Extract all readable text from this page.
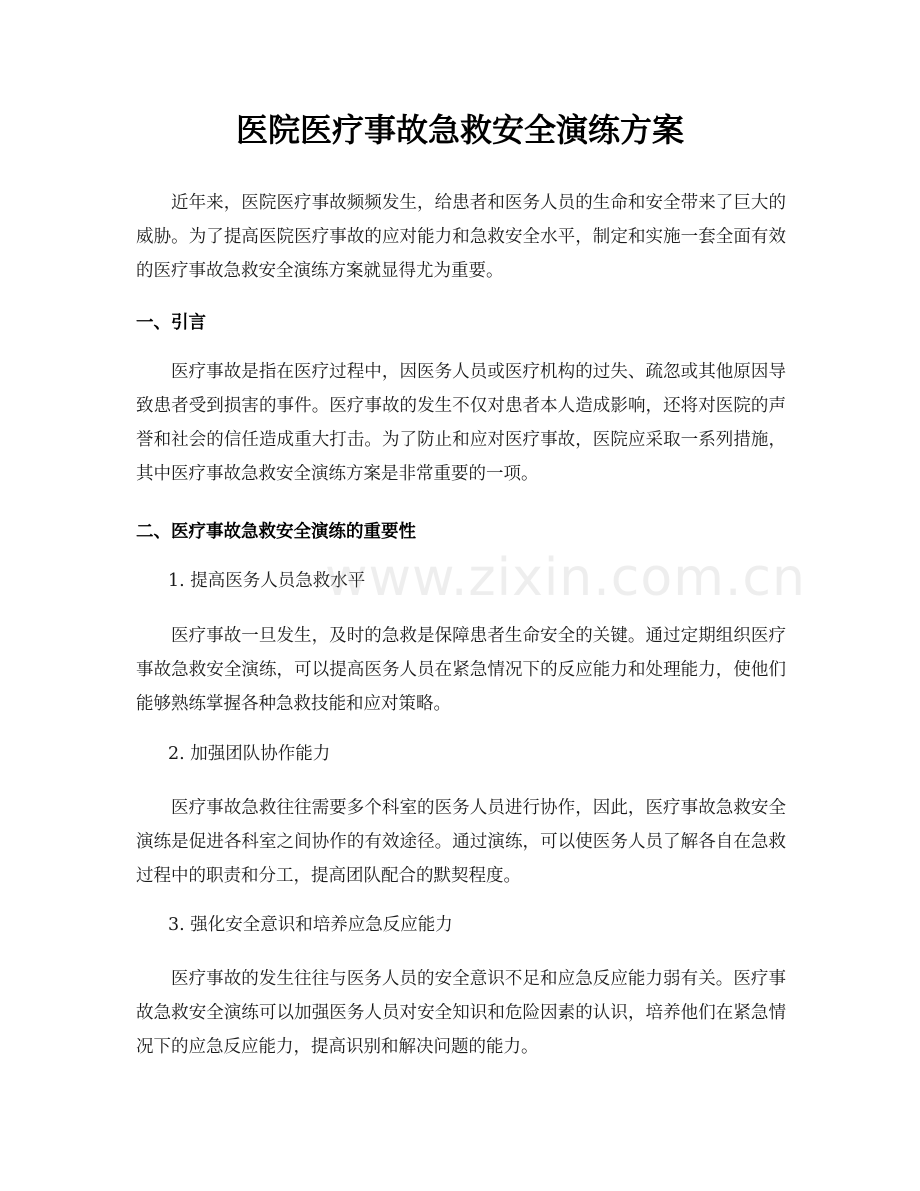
医院医疗事故急救安全演练方案

近年来，医院医疗事故频频发生，给患者和医务人员的生命和安全带来了巨大的威胁。为了提高医院医疗事故的应对能力和急救安全水平，制定和实施一套全面有效的医疗事故急救安全演练方案就显得尤为重要。

一、引言

医疗事故是指在医疗过程中，因医务人员或医疗机构的过失、疏忽或其他原因导致患者受到损害的事件。医疗事故的发生不仅对患者本人造成影响，还将对医院的声誉和社会的信任造成重大打击。为了防止和应对医疗事故，医院应采取一系列措施，其中医疗事故急救安全演练方案是非常重要的一项。

二、医疗事故急救安全演练的重要性

1. 提高医务人员急救水平

医疗事故一旦发生，及时的急救是保障患者生命安全的关键。通过定期组织医疗事故急救安全演练，可以提高医务人员在紧急情况下的反应能力和处理能力，使他们能够熟练掌握各种急救技能和应对策略。

2. 加强团队协作能力

医疗事故急救往往需要多个科室的医务人员进行协作，因此，医疗事故急救安全演练是促进各科室之间协作的有效途径。通过演练，可以使医务人员了解各自在急救过程中的职责和分工，提高团队配合的默契程度。

3. 强化安全意识和培养应急反应能力

医疗事故的发生往往与医务人员的安全意识不足和应急反应能力弱有关。医疗事故急救安全演练可以加强医务人员对安全知识和危险因素的认识，培养他们在紧急情况下的应急反应能力，提高识别和解决问题的能力。

www.zixin.com.cn
